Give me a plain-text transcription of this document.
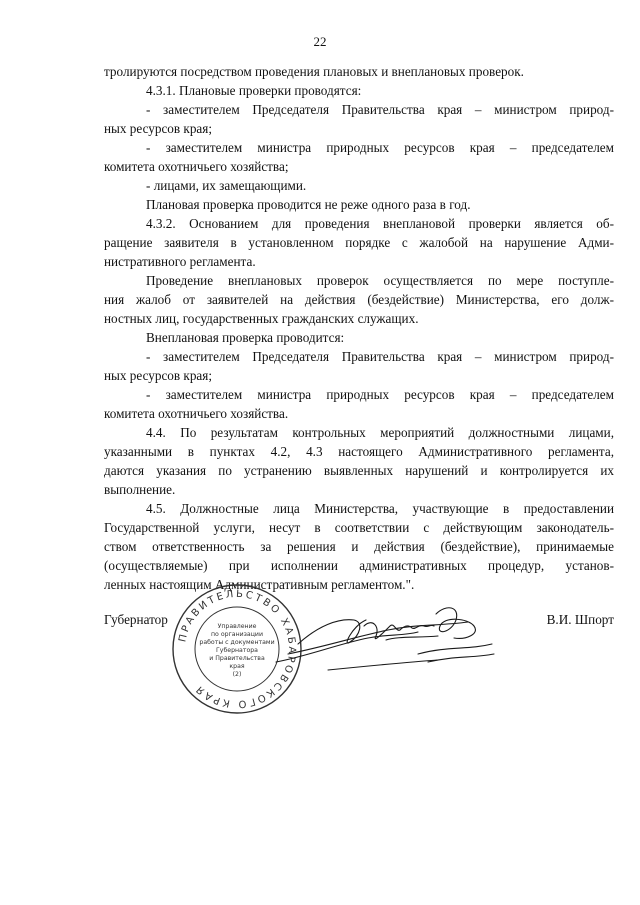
22

тролируются посредством проведения плановых и внеплановых проверок.

4.3.1. Плановые проверки проводятся:

- заместителем Председателя Правительства края – министром природ-

ных ресурсов края;

- заместителем министра природных ресурсов края – председателем

комитета охотничьего хозяйства;

- лицами, их замещающими.

Плановая проверка проводится не реже одного раза в год.

4.3.2. Основанием для проведения внеплановой проверки является об-

ращение заявителя в установленном порядке с жалобой на нарушение Адми-

нистративного регламента.

Проведение внеплановых проверок осуществляется по мере поступле-

ния жалоб от заявителей на действия (бездействие) Министерства, его долж-

ностных лиц, государственных гражданских служащих.

Внеплановая проверка проводится:

- заместителем Председателя Правительства края – министром природ-

ных ресурсов края;

- заместителем министра природных ресурсов края – председателем

комитета охотничьего хозяйства.

4.4. По результатам контрольных мероприятий должностными лицами,

указанными в пунктах 4.2, 4.3 настоящего Административного регламента,

даются указания по устранению выявленных нарушений и контролируется их

выполнение.

4.5. Должностные лица Министерства, участвующие в предоставлении

Государственной услуги, несут в соответствии с действующим законодатель-

ством ответственность за решения и действия (бездействие), принимаемые

(осуществляемые) при исполнении административных процедур, установ-

ленных настоящим Административным регламентом.".

Губернатор	В.И. Шпорт
ПРАВИТЕЛЬСТВО ХАБАРОВСКОГО КРАЯ
Управление
по организации
работы с документами
Губернатора
и Правительства
края
(2)
